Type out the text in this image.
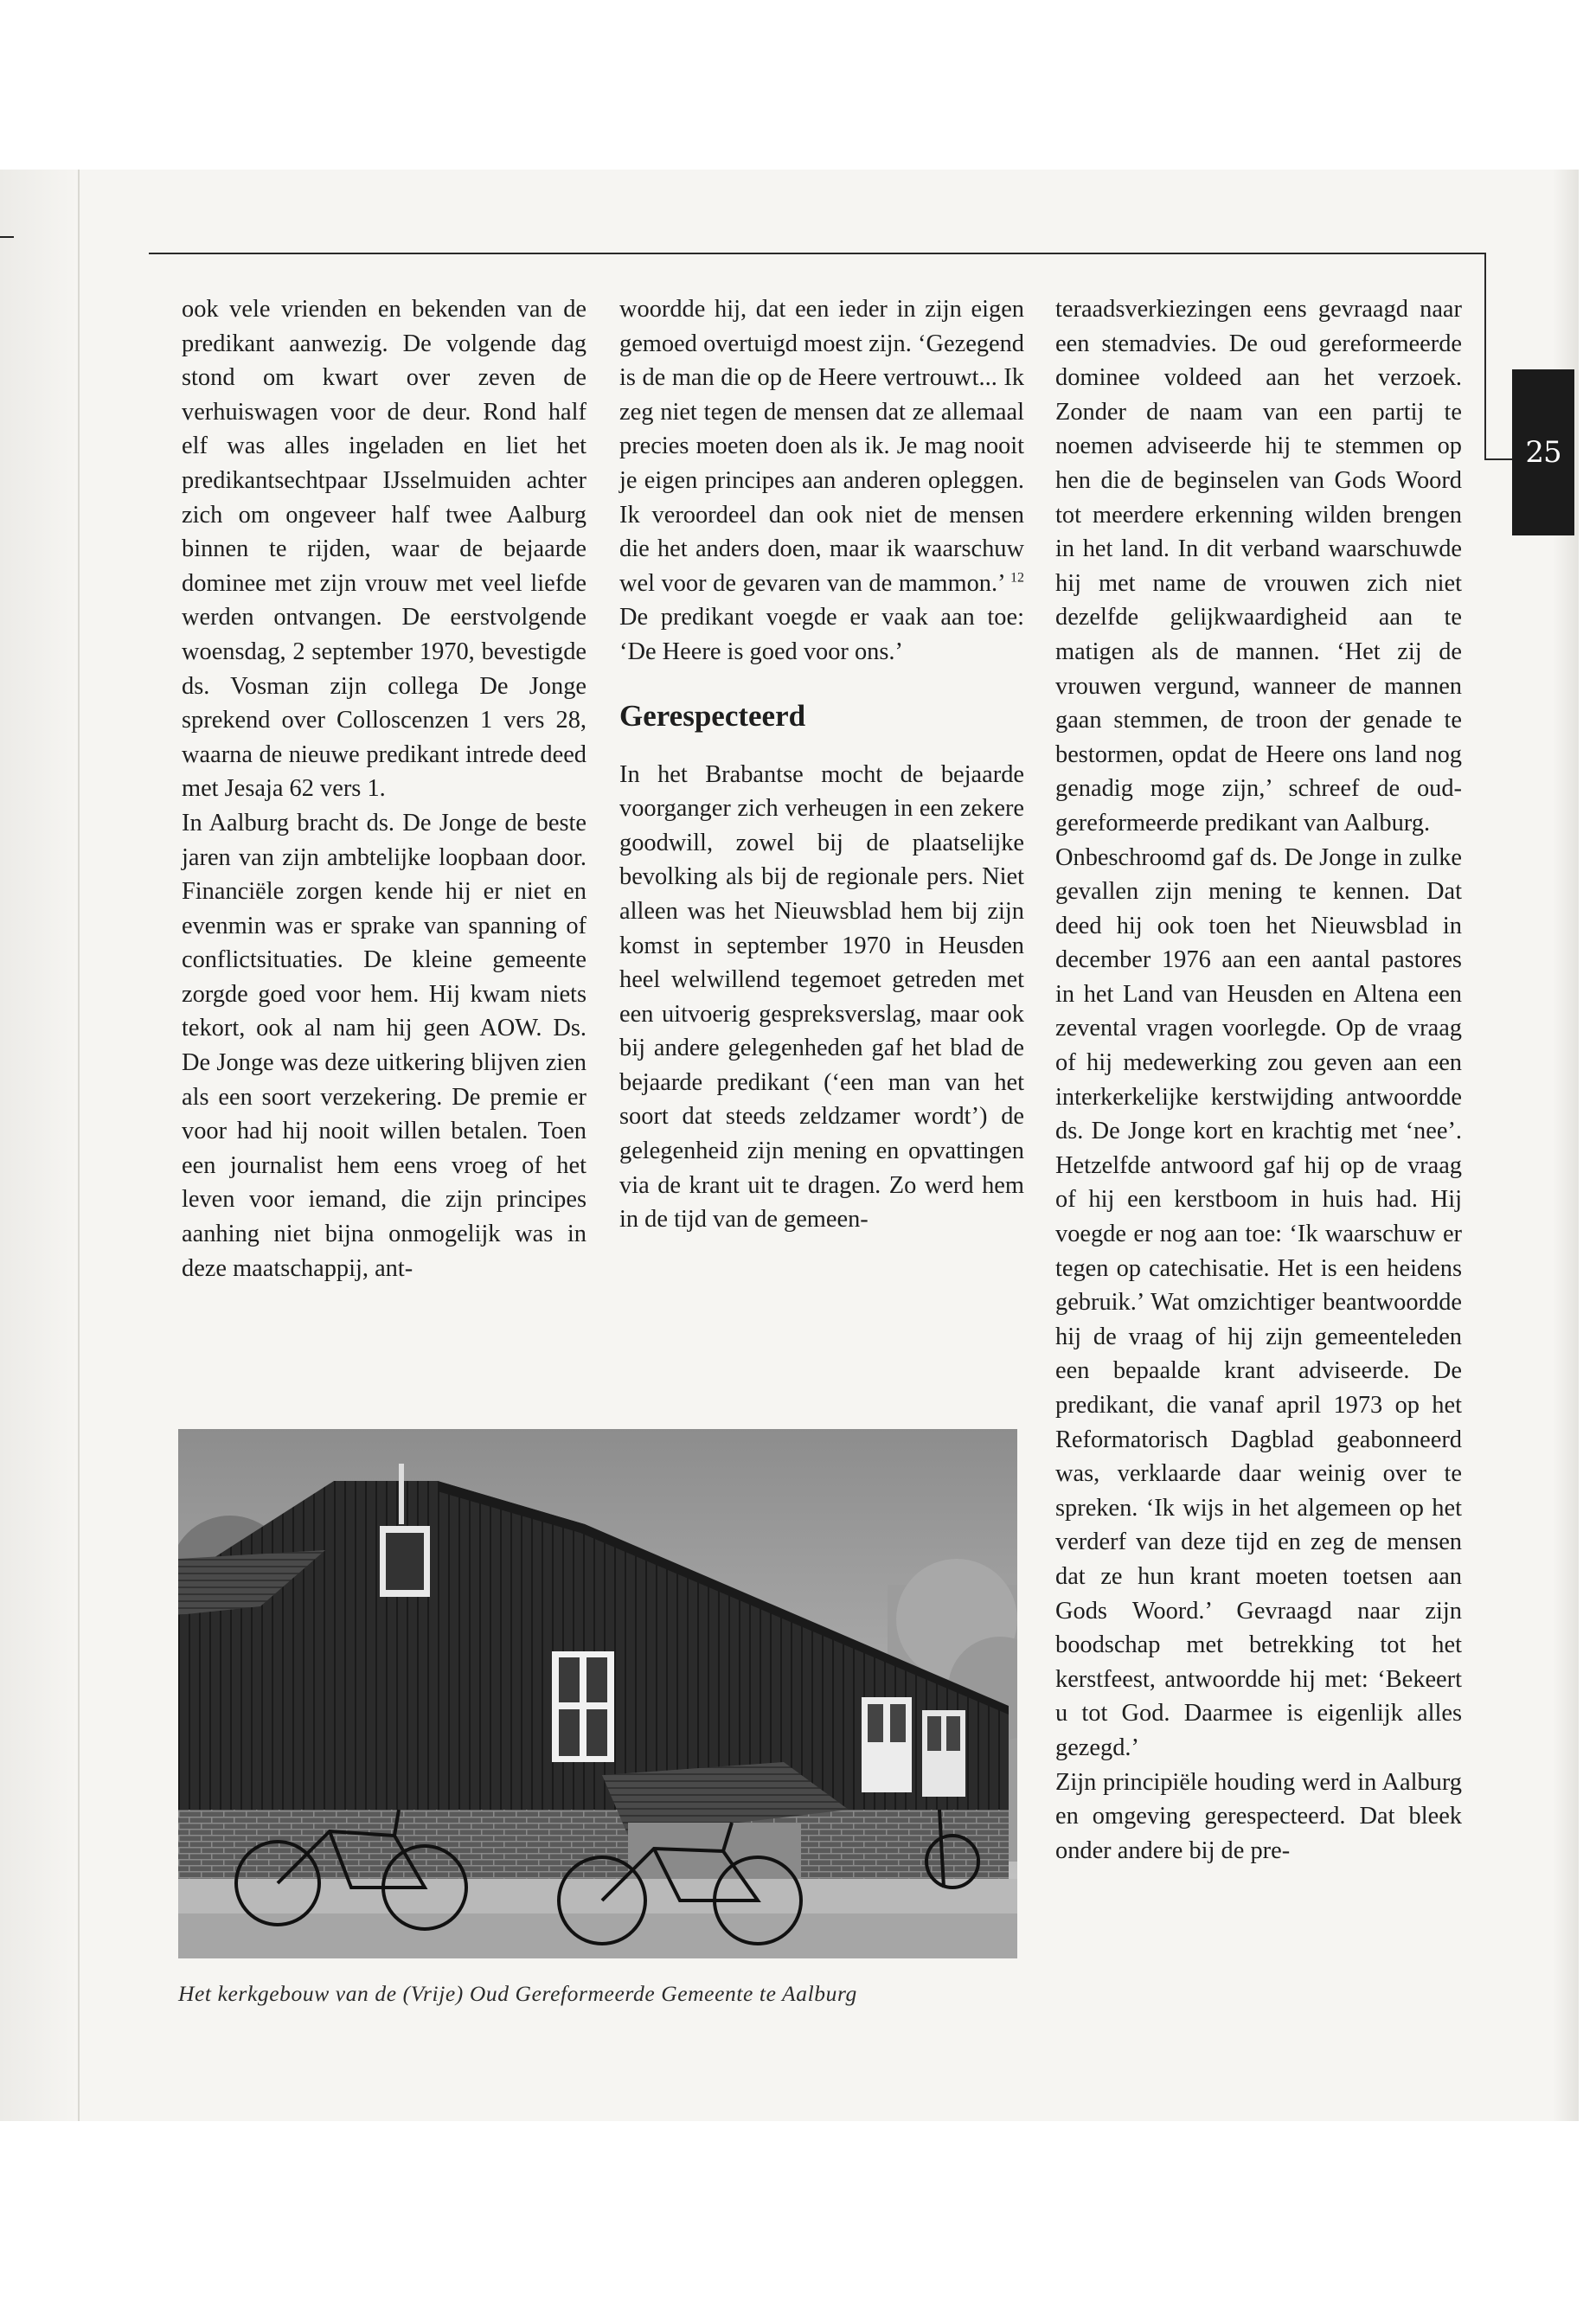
25

ook vele vrienden en bekenden van de predikant aanwezig. De volgende dag stond om kwart over zeven de verhuiswagen voor de deur. Rond half elf was alles ingeladen en liet het predikantsechtpaar IJsselmuiden achter zich om ongeveer half twee Aalburg binnen te rijden, waar de bejaarde dominee met zijn vrouw met veel liefde werden ontvangen. De eerstvolgende woensdag, 2 september 1970, bevestigde ds. Vosman zijn collega De Jonge sprekend over Colloscenzen 1 vers 28, waarna de nieuwe predikant intrede deed met Jesaja 62 vers 1.

In Aalburg bracht ds. De Jonge de beste jaren van zijn ambtelijke loopbaan door. Financiële zorgen kende hij er niet en evenmin was er sprake van spanning of conflictsituaties. De kleine gemeente zorgde goed voor hem. Hij kwam niets tekort, ook al nam hij geen AOW. Ds. De Jonge was deze uitkering blijven zien als een soort verzekering. De premie er voor had hij nooit willen betalen. Toen een journalist hem eens vroeg of het leven voor iemand, die zijn principes aanhing niet bijna onmogelijk was in deze maatschappij, ant-

woordde hij, dat een ieder in zijn eigen gemoed overtuigd moest zijn. ‘Gezegend is de man die op de Heere vertrouwt... Ik zeg niet tegen de mensen dat ze allemaal precies moeten doen als ik. Je mag nooit je eigen principes aan anderen opleggen. Ik veroordeel dan ook niet de mensen die het anders doen, maar ik waarschuw wel voor de gevaren van de mammon.’ $^{12}$ De predikant voegde er vaak aan toe: ‘De Heere is goed voor ons.’

Gerespecteerd

In het Brabantse mocht de bejaarde voorganger zich verheugen in een zekere goodwill, zowel bij de plaatselijke bevolking als bij de regionale pers. Niet alleen was het Nieuwsblad hem bij zijn komst in september 1970 in Heusden heel welwillend tegemoet getreden met een uitvoerig gespreksverslag, maar ook bij andere gelegenheden gaf het blad de bejaarde predikant (‘een man van het soort dat steeds zeldzamer wordt’) de gelegenheid zijn mening en opvattingen via de krant uit te dragen. Zo werd hem in de tijd van de gemeen-

teraadsverkiezingen eens gevraagd naar een stemadvies. De oud gereformeerde dominee voldeed aan het verzoek. Zonder de naam van een partij te noemen adviseerde hij te stemmen op hen die de beginselen van Gods Woord tot meerdere erkenning wilden brengen in het land. In dit verband waarschuwde hij met name de vrouwen zich niet dezelfde gelijkwaardigheid aan te matigen als de mannen. ‘Het zij de vrouwen vergund, wanneer de mannen gaan stemmen, de troon der genade te bestormen, opdat de Heere ons land nog genadig moge zijn,’ schreef de oud-gereformeerde predikant van Aalburg.

Onbeschroomd gaf ds. De Jonge in zulke gevallen zijn mening te kennen. Dat deed hij ook toen het Nieuwsblad in december 1976 aan een aantal pastores in het Land van Heusden en Altena een zevental vragen voorlegde. Op de vraag of hij medewerking zou geven aan een interkerkelijke kerstwijding antwoordde ds. De Jonge kort en krachtig met ‘nee’. Hetzelfde antwoord gaf hij op de vraag of hij een kerstboom in huis had. Hij voegde er nog aan toe: ‘Ik waarschuw er tegen op catechisatie. Het is een heidens gebruik.’ Wat omzichtiger beantwoordde hij de vraag of hij zijn gemeenteleden een bepaalde krant adviseerde. De predikant, die vanaf april 1973 op het Reformatorisch Dagblad geabonneerd was, verklaarde daar weinig over te spreken. ‘Ik wijs in het algemeen op het verderf van deze tijd en zeg de mensen dat ze hun krant moeten toetsen aan Gods Woord.’ Gevraagd naar zijn boodschap met betrekking tot het kerstfeest, antwoordde hij met: ‘Bekeert u tot God. Daarmee is eigenlijk alles gezegd.’

Zijn principiële houding werd in Aalburg en omgeving gerespecteerd. Dat bleek onder andere bij de pre-

Het kerkgebouw van de (Vrije) Oud Gereformeerde Gemeente te Aalburg
